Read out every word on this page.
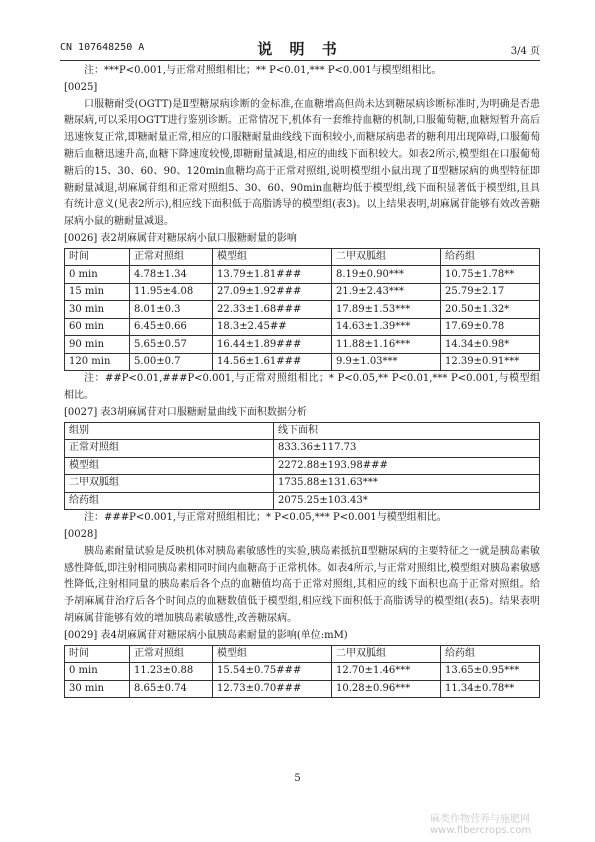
CN 107648250 A	说 明 书	3/4 页

注：***P<0.001,与正常对照组相比；** P<0.01,*** P<0.001与模型组相比。

[0025]

口服糖耐受(OGTT)是Ⅱ型糖尿病诊断的金标准,在血糖增高但尚未达到糖尿病诊断标准时,为明确是否患糖尿病,可以采用OGTT进行鉴别诊断。正常情况下,机体有一套维持血糖的机制,口服葡萄糖,血糖短暂升高后迅速恢复正常,即糖耐量正常,相应的口服糖耐量曲线线下面积较小,而糖尿病患者的糖利用出现障碍,口服葡萄糖后血糖迅速升高,血糖下降速度较慢,即糖耐量减退,相应的曲线下面积较大。如表2所示,模型组在口服葡萄糖后的15、30、60、90、120min血糖均高于正常对照组,说明模型组小鼠出现了Ⅱ型糖尿病的典型特征即糖耐量减退,胡麻属苷组和正常对照组5、30、60、90min血糖均低于模型组,线下面积显著低于模型组,且具有统计意义(见表2所示),相应线下面积低于高脂诱导的模型组(表3)。以上结果表明,胡麻属苷能够有效改善糖尿病小鼠的糖耐量减退。

[0026] 表2胡麻属苷对糖尿病小鼠口服糖耐量的影响

时间	正常对照组	模型组	二甲双胍组	给药组
0 min	4.78±1.34	13.79±1.81###	8.19±0.90***	10.75±1.78**
15 min	11.95±4.08	27.09±1.92###	21.9±2.43***	25.79±2.17
30 min	8.01±0.3	22.33±1.68###	17.89±1.53***	20.50±1.32*
60 min	6.45±0.66	18.3±2.45##	14.63±1.39***	17.69±0.78
90 min	5.65±0.57	16.44±1.89###	11.88±1.16***	14.34±0.98*
120 min	5.00±0.7	14.56±1.61###	9.9±1.03***	12.39±0.91***

注：##P<0.01,###P<0.001,与正常对照组相比；* P<0.05,** P<0.01,*** P<0.001,与模型组相比。

[0027] 表3胡麻属苷对口服糖耐量曲线下面积数据分析

组别	线下面积
正常对照组	833.36±117.73
模型组	2272.88±193.98###
二甲双胍组	1735.88±131.63***
给药组	2075.25±103.43*

注：###P<0.001,与正常对照组相比；* P<0.05,*** P<0.001与模型组相比。

[0028]

胰岛素耐量试验是反映机体对胰岛素敏感性的实验,胰岛素抵抗Ⅱ型糖尿病的主要特征之一就是胰岛素敏感性降低,即注射相同胰岛素相同时间内血糖高于正常机体。如表4所示,与正常对照组比,模型组对胰岛素敏感性降低,注射相同量的胰岛素后各个点的血糖值均高于正常对照组,其相应的线下面积也高于正常对照组。给予胡麻属苷治疗后各个时间点的血糖数值低于模型组,相应线下面积低于高脂诱导的模型组(表5)。结果表明胡麻属苷能够有效的增加胰岛素敏感性,改善糖尿病。

[0029] 表4胡麻属苷对糖尿病小鼠胰岛素耐量的影响(单位:mM)

时间	正常对照组	模型组	二甲双胍组	给药组
0 min	11.23±0.88	15.54±0.75###	12.70±1.46***	13.65±0.95***
30 min	8.65±0.74	12.73±0.70###	10.28±0.96***	11.34±0.78**
5
麻类作物营养与施肥网 www.fibercrops.com
